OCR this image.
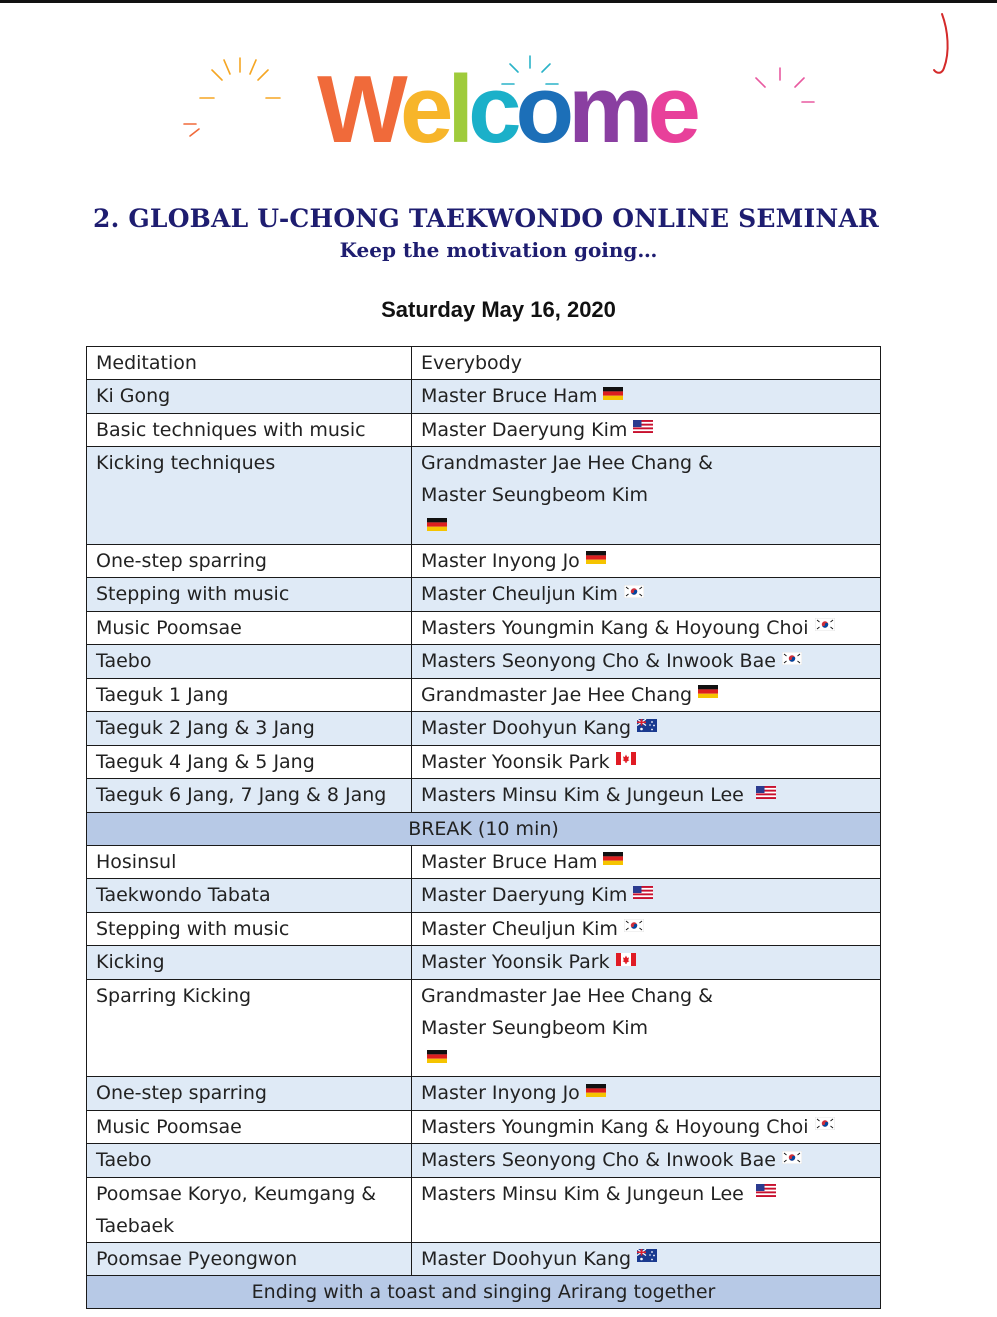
Welcome
2. GLOBAL U-CHONG TAEKWONDO ONLINE SEMINAR
Keep the motivation going…
Saturday May 16, 2020
Meditation	Everybody
Ki Gong	Master Bruce Ham
Basic techniques with music	Master Daeryung Kim
Kicking techniques	Grandmaster Jae Hee Chang &
Master Seungbeom Kim

One-step sparring	Master Inyong Jo
Stepping with music	Master Cheuljun Kim
Music Poomsae	Masters Youngmin Kang & Hoyoung Choi
Taebo	Masters Seonyong Cho & Inwook Bae
Taeguk 1 Jang	Grandmaster Jae Hee Chang
Taeguk 2 Jang & 3 Jang	Master Doohyun Kang
Taeguk 4 Jang & 5 Jang	Master Yoonsik Park
Taeguk 6 Jang, 7 Jang & 8 Jang	Masters Minsu Kim & Jungeun Lee
BREAK (10 min)	
Hosinsul	Master Bruce Ham
Taekwondo Tabata	Master Daeryung Kim
Stepping with music	Master Cheuljun Kim
Kicking	Master Yoonsik Park
Sparring Kicking	Grandmaster Jae Hee Chang &
Master Seungbeom Kim

One-step sparring	Master Inyong Jo
Music Poomsae	Masters Youngmin Kang & Hoyoung Choi
Taebo	Masters Seonyong Cho & Inwook Bae

Poomsae Koryo, Keumgang &
Taebaek	Masters Minsu Kim & Jungeun Lee
Poomsae Pyeongwon	Master Doohyun Kang
Ending with a toast and singing Arirang together	
